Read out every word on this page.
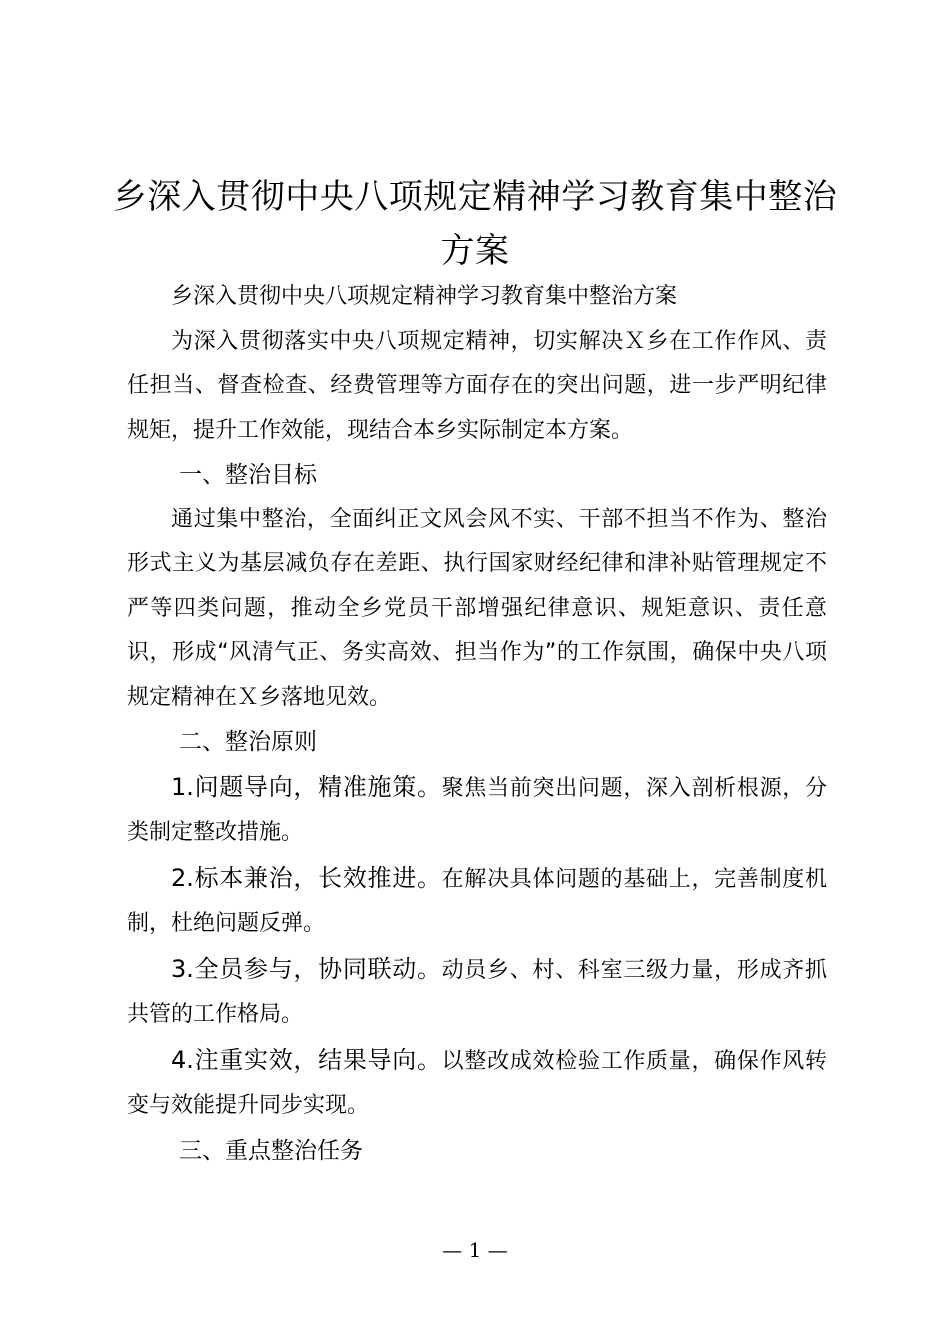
乡深入贯彻中央八项规定精神学习教育集中整治方案

乡深入贯彻中央八项规定精神学习教育集中整治方案

为深入贯彻落实中央八项规定精神，切实解决Ｘ乡在工作作风、责任担当、督查检查、经费管理等方面存在的突出问题，进一步严明纪律规矩，提升工作效能，现结合本乡实际制定本方案。

一、整治目标

通过集中整治，全面纠正文风会风不实、干部不担当不作为、整治形式主义为基层减负存在差距、执行国家财经纪律和津补贴管理规定不严等四类问题，推动全乡党员干部增强纪律意识、规矩意识、责任意识，形成“风清气正、务实高效、担当作为”的工作氛围，确保中央八项规定精神在Ｘ乡落地见效。

二、整治原则

1.问题导向，精准施策。聚焦当前突出问题，深入剖析根源，分类制定整改措施。

2.标本兼治，长效推进。在解决具体问题的基础上，完善制度机制，杜绝问题反弹。

3.全员参与，协同联动。动员乡、村、科室三级力量，形成齐抓共管的工作格局。

4.注重实效，结果导向。以整改成效检验工作质量，确保作风转变与效能提升同步实现。

三、重点整治任务

— 1 —
